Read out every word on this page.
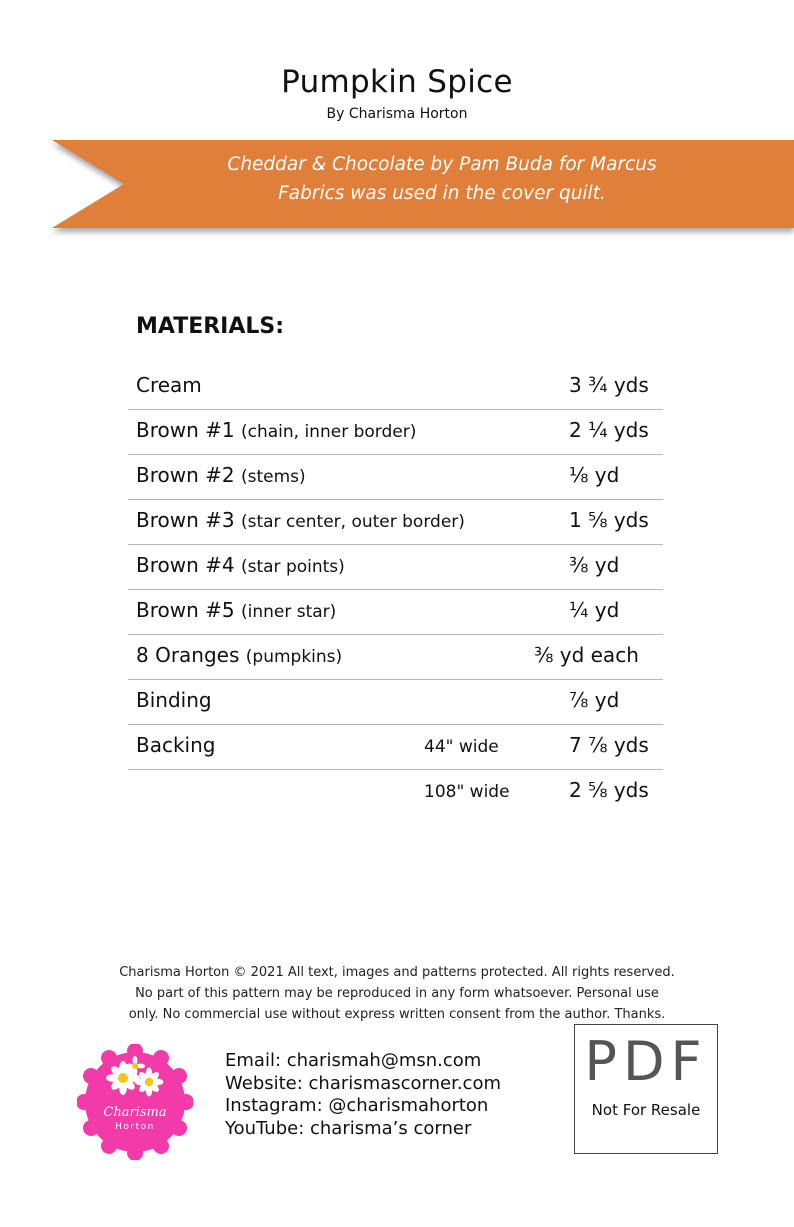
Pumpkin Spice
By Charisma Horton
Cheddar & Chocolate by Pam Buda for Marcus
Fabrics was used in the cover quilt.
MATERIALS:
Cream	3 ¾ yds
Brown #1 (chain, inner border)	2 ¼ yds
Brown #2 (stems)	⅛ yd
Brown #3 (star center, outer border)	1 ⅝ yds
Brown #4 (star points)	⅜ yd
Brown #5 (inner star)	¼ yd
8 Oranges (pumpkins)	⅜ yd each
Binding	⅞ yd
Backing	44" wide	7 ⅞ yds
108" wide	2 ⅝ yds
Charisma Horton © 2021 All text, images and patterns protected. All rights reserved.
No part of this pattern may be reproduced in any form whatsoever. Personal use
only. No commercial use without express written consent from the author. Thanks.
Charisma
Horton
Email: charismah@msn.com
Website: charismascorner.com
Instagram: @charismahorton
YouTube: charisma’s corner
PDF
Not For Resale
